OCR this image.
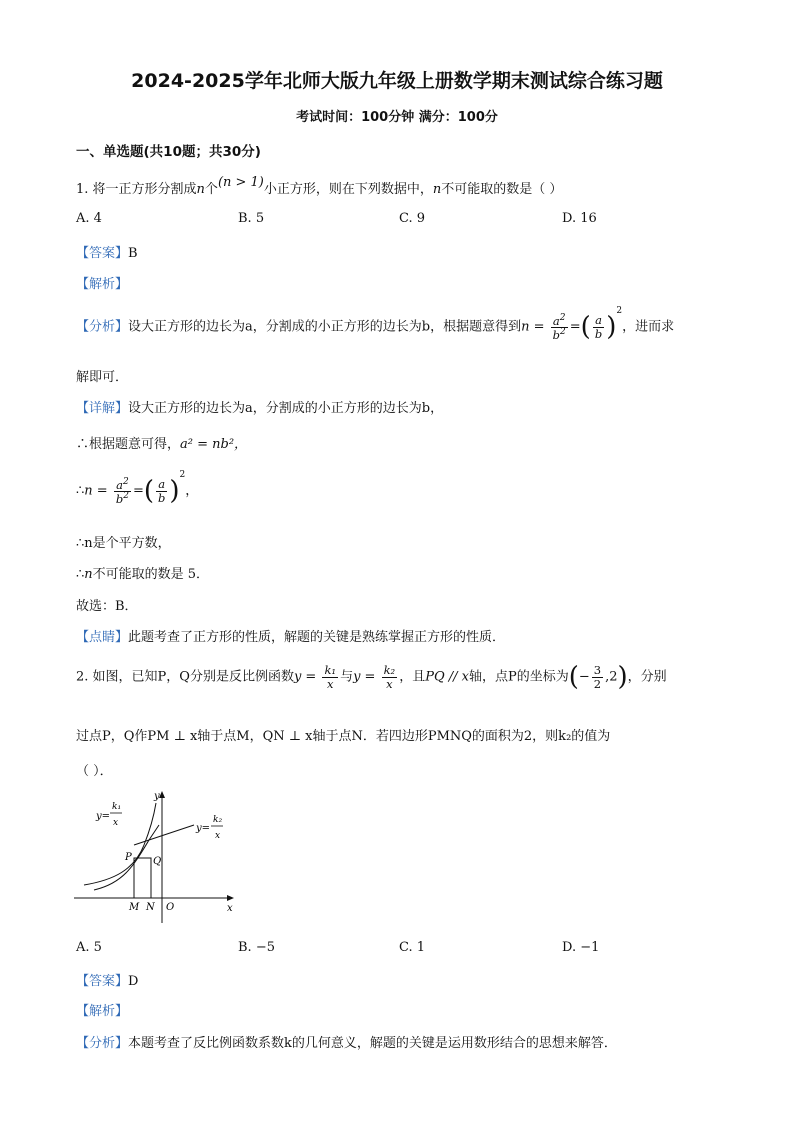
2024-2025学年北师大版九年级上册数学期末测试综合练习题
考试时间：100分钟 满分：100分
一、单选题(共10题；共30分)
1. 将一正方形分割成n个(n > 1)小正方形，则在下列数据中，n不可能取的数是（ ）
A. 4	B. 5	C. 9	D. 16
【答案】B
【解析】
【分析】设大正方形的边长为a，分割成的小正方形的边长为b，根据题意得到$n = \frac{a^2}{b^2}$ =( $\frac{a}{b} )^2$，进而求
解即可．
【详解】设大正方形的边长为a，分割成的小正方形的边长为b，
∴根据题意可得，a² = nb²，
∴n = $\frac{a^2}{b^2}$ =( $\frac{a}{b} )^2$，
∴n是个平方数，
∴n不可能取的数是 5．
故选：B．
【点睛】此题考查了正方形的性质，解题的关键是熟练掌握正方形的性质．
2. 如图，已知P，Q分别是反比例函数$y = \frac{\text{k₁}}{x}$ 与$y = \frac{\text{k₂}}{x}$ ，且PQ // x轴，点P的坐标为(− $\frac{3}{2} ,2$)，分别
过点P，Q作PM ⊥ x轴于点M，QN ⊥ x轴于点N．若四边形PMNQ的面积为2，则k₂的值为
（ ）．
y=
k₁
x	y=
k₂
x
y
x
P Q
M N O
A. 5	B. −5	C. 1	D. −1
【答案】D
【解析】
【分析】本题考查了反比例函数系数k的几何意义，解题的关键是运用数形结合的思想来解答．
